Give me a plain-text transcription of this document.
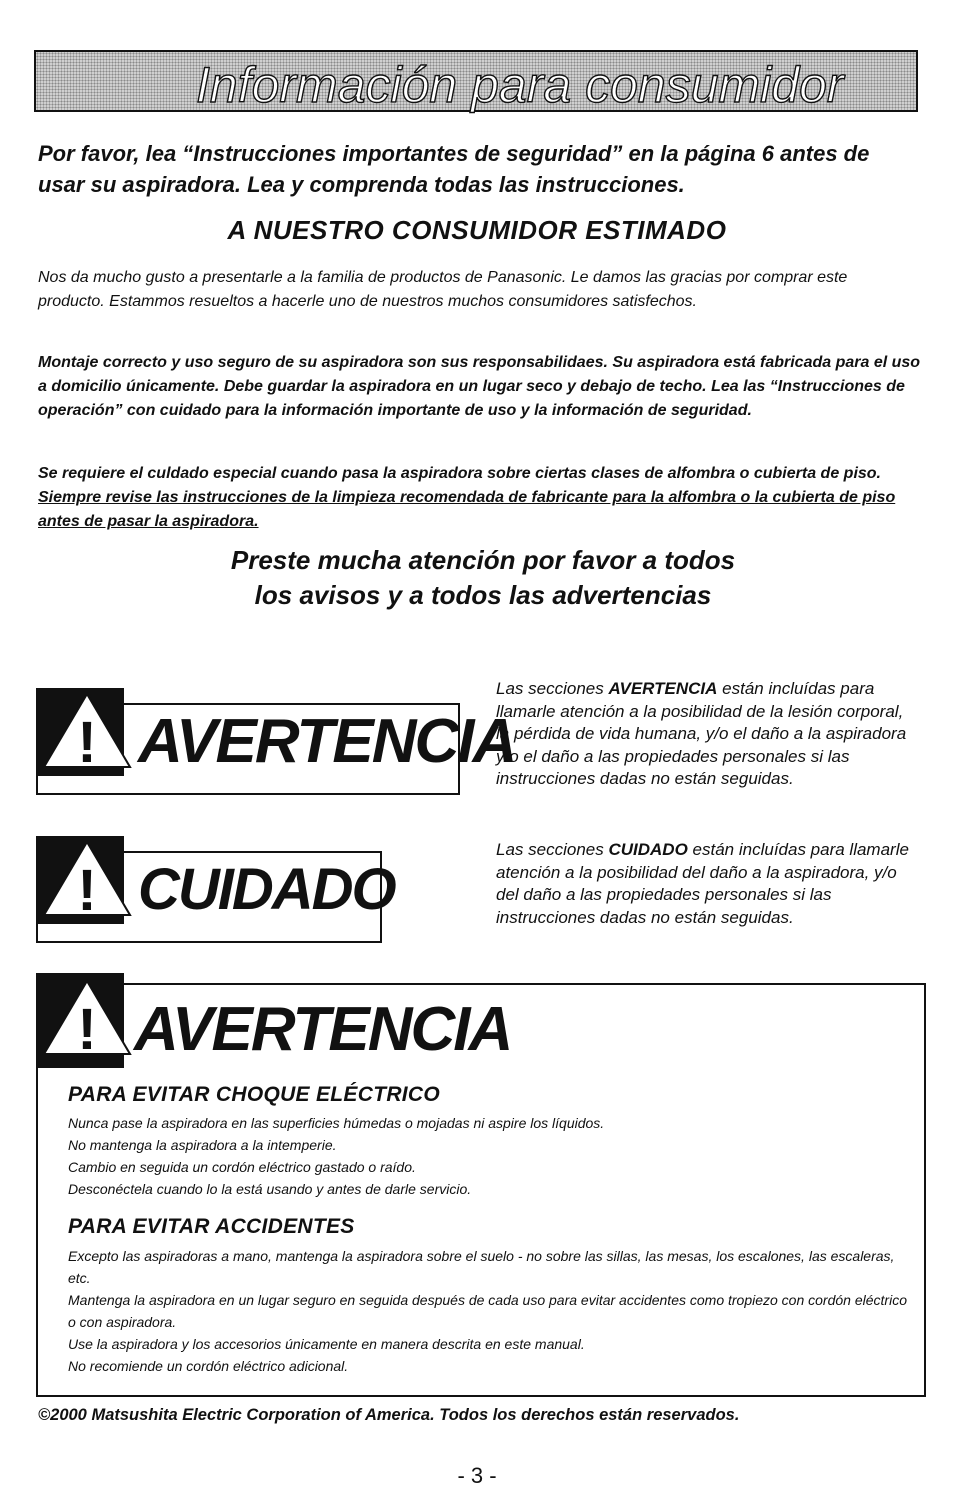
Información para consumidor
Por favor, lea “Instrucciones importantes de seguridad” en la página 6 antes de usar su aspiradora. Lea y comprenda todas las instrucciones.
A NUESTRO CONSUMIDOR ESTIMADO
Nos da mucho gusto a presentarle a la familia de productos de Panasonic. Le damos las gracias por comprar este producto. Estammos resueltos a hacerle uno de nuestros muchos consumidores satisfechos.
Montaje correcto y uso seguro de su aspiradora son sus responsabilidaes. Su aspiradora está fabricada para el uso a domicilio únicamente. Debe guardar la aspiradora en un lugar seco y debajo de techo. Lea las “Instrucciones de operación” con cuidado para la información importante de uso y la información de seguridad.
Se requiere el culdado especial cuando pasa la aspiradora sobre ciertas clases de alfombra o cubierta de piso. Siempre revise las instrucciones de la limpieza recomendada de fabricante para la alfombra o la cubierta de piso antes de pasar la aspiradora.
Preste mucha atención por favor a todos
los avisos y a todos las advertencias
! AVERTENCIA
! CUIDADO
Las secciones AVERTENCIA están incluídas para llamarle atención a la posibilidad de la lesión corporal, la pérdida de vida humana, y/o el daño a la aspiradora y/o el daño a las propiedades personales si las instrucciones dadas no están seguidas.
Las secciones CUIDADO están incluídas para llamarle atención a la posibilidad del daño a la aspiradora, y/o del daño a las propiedades personales si las instrucciones dadas no están seguidas.
! AVERTENCIA
PARA EVITAR CHOQUE ELÉCTRICO
Nunca pase la aspiradora en las superficies húmedas o mojadas ni aspire los líquidos.
No mantenga la aspiradora a la intemperie.
Cambio en seguida un cordón eléctrico gastado o raído.
Desconéctela cuando lo la está usando y antes de darle servicio.
PARA EVITAR ACCIDENTES
Excepto las aspiradoras a mano, mantenga la aspiradora sobre el suelo - no sobre las sillas, las mesas, los escalones, las escaleras, etc.
Mantenga la aspiradora en un lugar seguro en seguida después de cada uso para evitar accidentes como tropiezo con cordón eléctrico o con aspiradora.
Use la aspiradora y los accesorios únicamente en manera descrita en este manual.
No recomiende un cordón eléctrico adicional.
©2000 Matsushita Electric Corporation of America. Todos los derechos están reservados.
- 3 -
